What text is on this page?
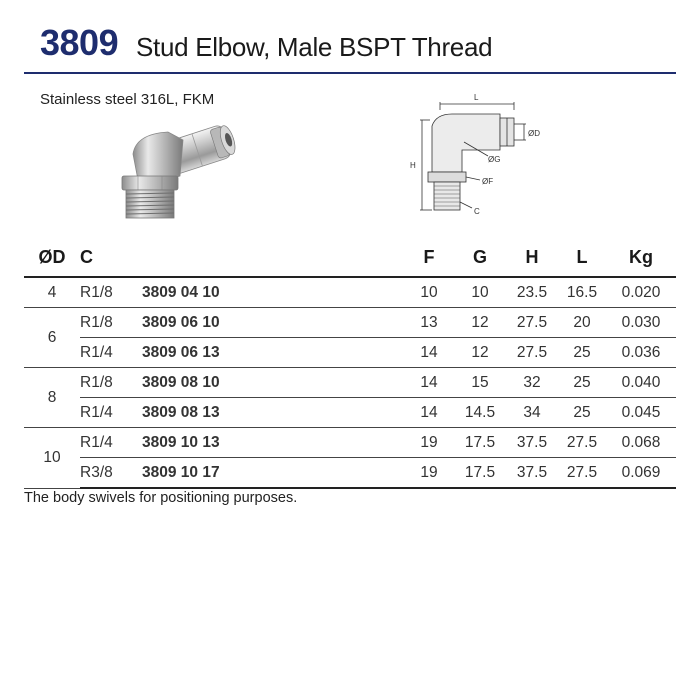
3809 Stud Elbow, Male BSPT Thread
Stainless steel 316L, FKM	L
ØD
ØG
H
ØF
C
ØD	C		F	G	H	L	Kg
4	R1/8	3809 04 10	10	10	23.5	16.5	0.020
6	R1/8	3809 06 10	13	12	27.5	20	0.030
	R1/4	3809 06 13	14	12	27.5	25	0.036
8	R1/8	3809 08 10	14	15	32	25	0.040
	R1/4	3809 08 13	14	14.5	34	25	0.045
10	R1/4	3809 10 13	19	17.5	37.5	27.5	0.068
	R3/8	3809 10 17	19	17.5	37.5	27.5	0.069
The body swivels for positioning purposes.
